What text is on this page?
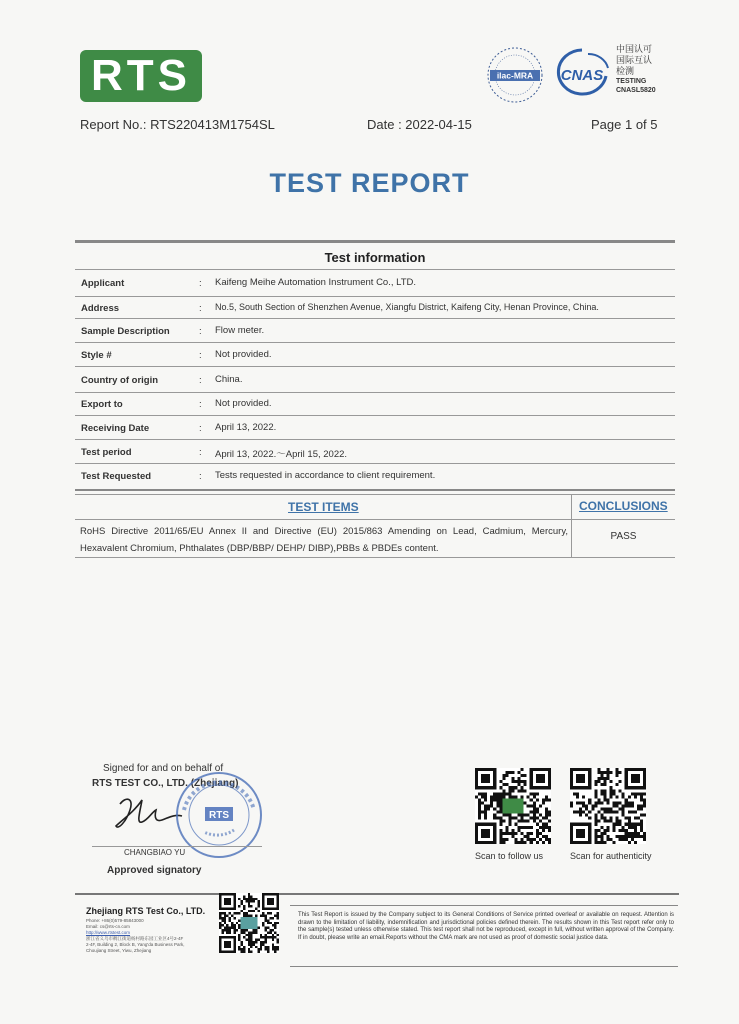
RTS	ilac-MRA CNAS
中国认可
国际互认
检测
TESTING
CNASL5820
Report No.: RTS220413M1754SL	Date : 2022-04-15	Page 1 of 5
TEST REPORT
Test information
Applicant	: Kaifeng Meihe Automation Instrument Co., LTD.
Address	: No.5, South Section of Shenzhen Avenue, Xiangfu District, Kaifeng City, Henan Province, China.
Sample Description	: Flow meter.
Style #	: Not provided.
Country of origin	: China.
Export to	: Not provided.
Receiving Date	: April 13, 2022.
Test period	: April 13, 2022.～April 15, 2022.
Test Requested	: Tests requested in accordance to client requirement.
TEST ITEMS	CONCLUSIONS
RoHS Directive 2011/65/EU Annex II and Directive (EU) 2015/863 Amending on Lead, Cadmium, Mercury, Hexavalent Chromium, Phthalates (DBP/BBP/ DEHP/ DIBP),PBBs & PBDEs content.
PASS
Signed for and on behalf of
RTS TEST CO., LTD. (Zhejiang)
RTS
CHANGBIAO YU
Approved signatory
Scan to follow us	Scan for authenticity
Zhejiang RTS Test Co., LTD.
Phone: +86(0)579-85843000
Email: cs@rts-cn.com
http://www.rtstest.com
浙江省义乌市稠江街道杨村路东园工业区4号2-4F
2-4F, Building 2, Block B, Yang'da Business Park,
Choujiang Street, Yiwu, Zhejiang
This Test Report is issued by the Company subject to its General Conditions of Service printed overleaf or available on request. Attention is drawn to the limitation of liability, indemnification and jurisdictional policies defined therein. The results shown in this Test report refer only to the sample(s) tested unless otherwise stated. This test report shall not be reproduced, except in full, without written approval of the Company. If in doubt, please write an email.Reports without the CMA mark are not used as proof of domestic social justice data.
